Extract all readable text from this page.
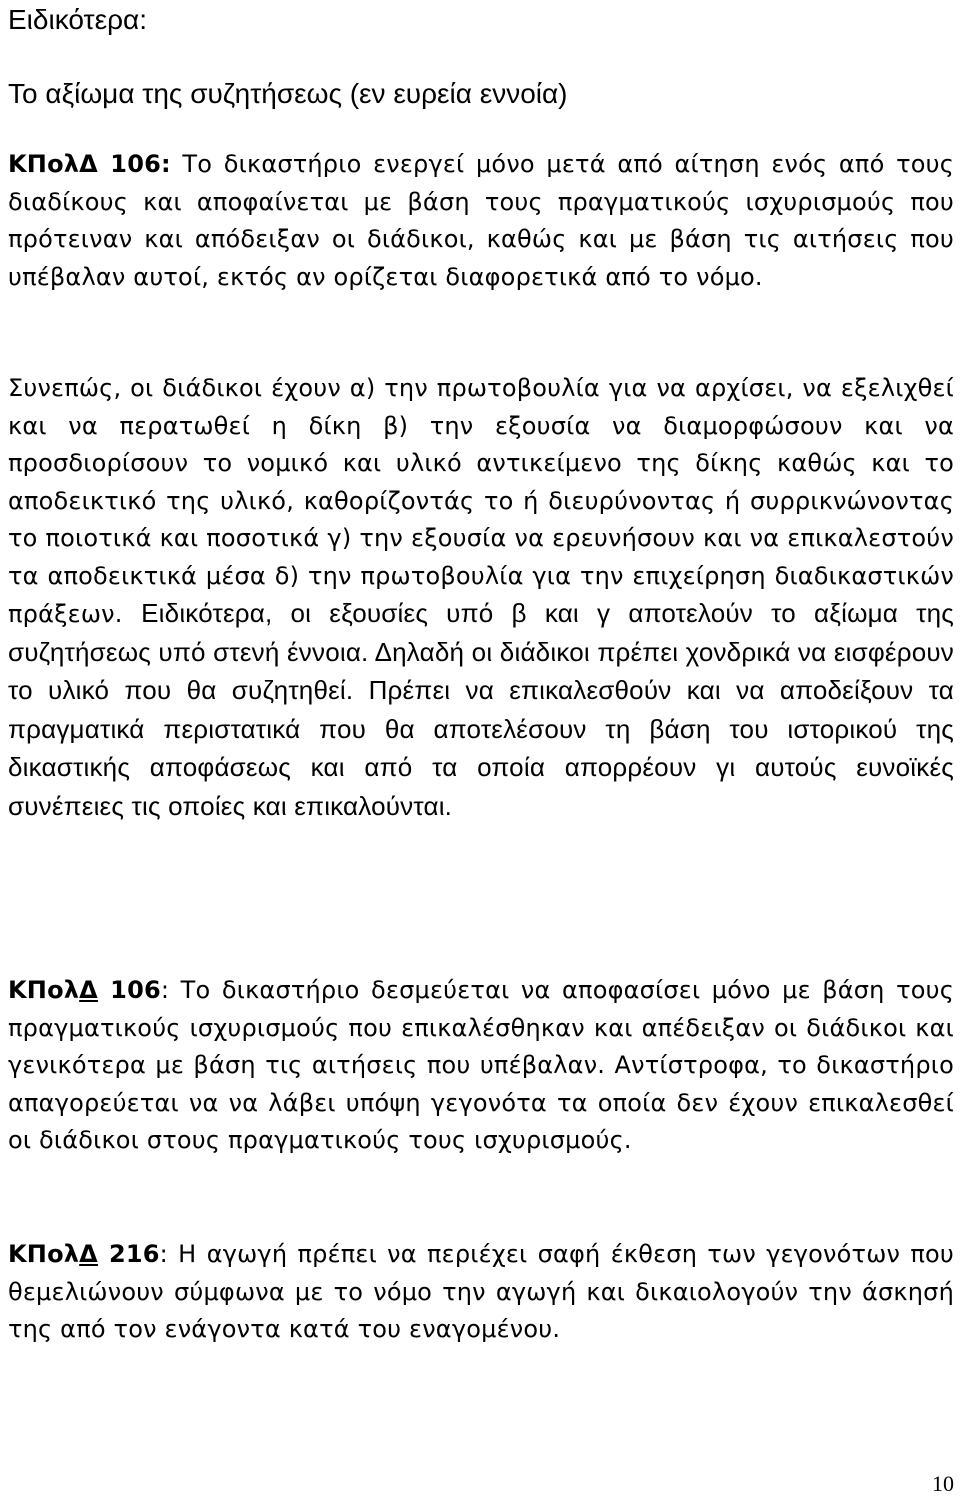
Ειδικότερα:
Το αξίωμα της συζητήσεως (εν ευρεία εννοία)

ΚΠολΔ 106: Το δικαστήριο ενεργεί μόνο μετά από αίτηση ενός από τους διαδίκους και αποφαίνεται με βάση τους πραγματικούς ισχυρισμούς που πρότειναν και απόδειξαν οι διάδικοι, καθώς και με βάση τις αιτήσεις που υπέβαλαν αυτοί, εκτός αν ορίζεται διαφορετικά από το νόμο.

Συνεπώς, οι διάδικοι έχουν α) την πρωτοβουλία για να αρχίσει, να εξελιχθεί και να περατωθεί η δίκη β) την εξουσία να διαμορφώσουν και να προσδιορίσουν το νομικό και υλικό αντικείμενο της δίκης καθώς και το αποδεικτικό της υλικό, καθορίζοντάς το ή διευρύνοντας ή συρρικνώνοντας το ποιοτικά και ποσοτικά γ) την εξουσία να ερευνήσουν και να επικαλεστούν τα αποδεικτικά μέσα δ) την πρωτοβουλία για την επιχείρηση διαδικαστικών πράξεων. Ειδικότερα, οι εξουσίες υπό β και γ αποτελούν το αξίωμα της συζητήσεως υπό στενή έννοια. Δηλαδή οι διάδικοι πρέπει χονδρικά να εισφέρουν το υλικό που θα συζητηθεί. Πρέπει να επικαλεσθούν και να αποδείξουν τα πραγματικά περιστατικά που θα αποτελέσουν τη βάση του ιστορικού της δικαστικής αποφάσεως και από τα οποία απορρέουν γι αυτούς ευνοϊκές συνέπειες τις οποίες και επικαλούνται.

ΚΠολΔ 106: Το δικαστήριο δεσμεύεται να αποφασίσει μόνο με βάση τους πραγματικούς ισχυρισμούς που επικαλέσθηκαν και απέδειξαν οι διάδικοι και γενικότερα με βάση τις αιτήσεις που υπέβαλαν. Αντίστροφα, το δικαστήριο απαγορεύεται να να λάβει υπόψη γεγονότα τα οποία δεν έχουν επικαλεσθεί οι διάδικοι στους πραγματικούς τους ισχυρισμούς.

ΚΠολΔ 216: Η αγωγή πρέπει να περιέχει σαφή έκθεση των γεγονότων που θεμελιώνουν σύμφωνα με το νόμο την αγωγή και δικαιολογούν την άσκησή της από τον ενάγοντα κατά του εναγομένου.

10
